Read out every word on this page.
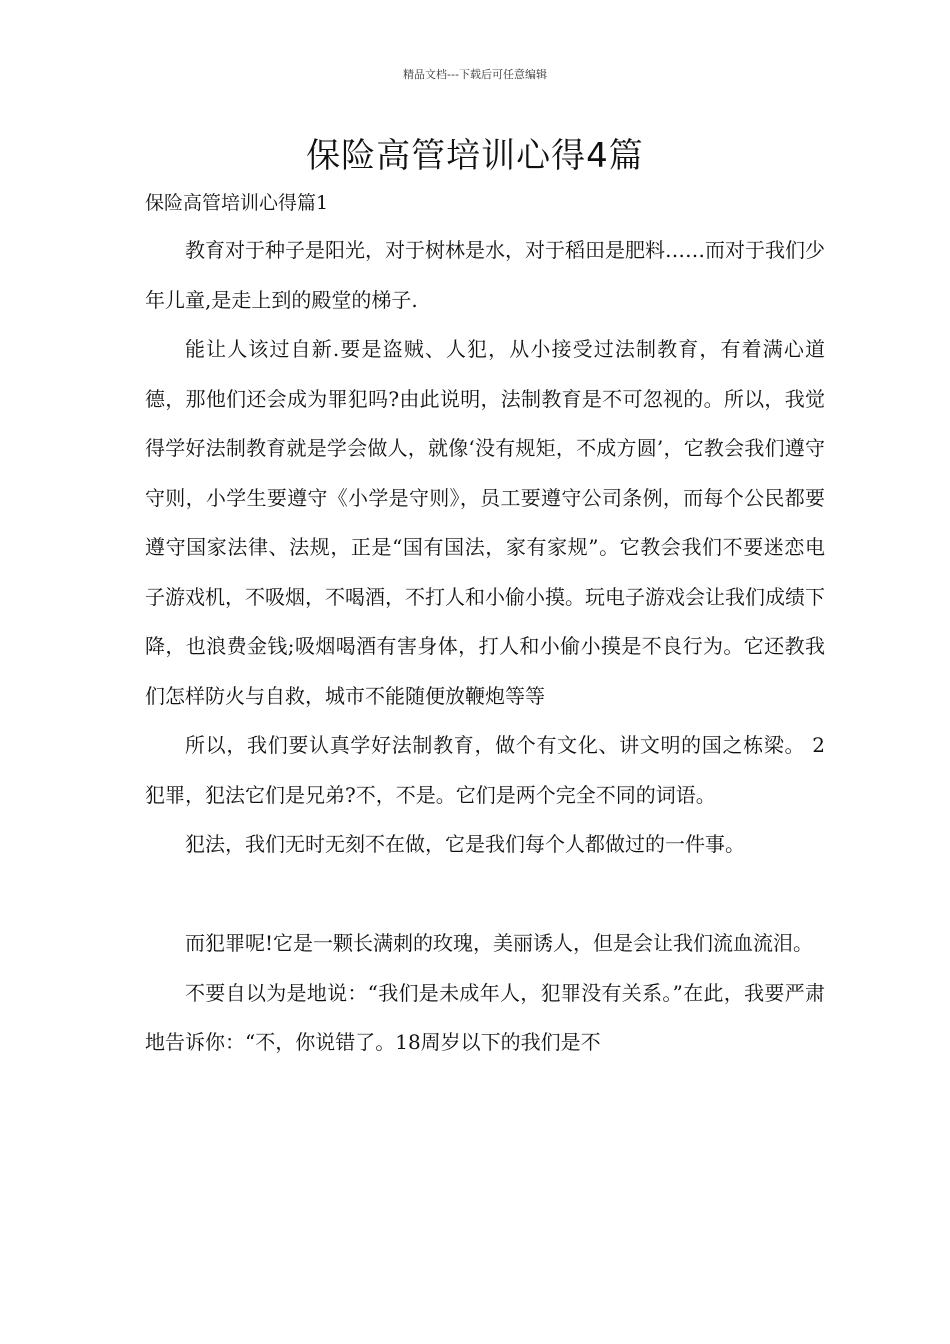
精品文档---下载后可任意编辑
保险高管培训心得4篇
保险高管培训心得篇1

教育对于种子是阳光，对于树林是水，对于稻田是肥料……而对于我们少年儿童,是走上到的殿堂的梯子.

能让人该过自新.要是盗贼、人犯，从小接受过法制教育，有着满心道德，那他们还会成为罪犯吗?由此说明，法制教育是不可忽视的。所以，我觉得学好法制教育就是学会做人，就像‘没有规矩，不成方圆’，它教会我们遵守守则，小学生要遵守《小学是守则》，员工要遵守公司条例，而每个公民都要遵守国家法律、法规，正是“国有国法，家有家规”。它教会我们不要迷恋电子游戏机，不吸烟，不喝酒，不打人和小偷小摸。玩电子游戏会让我们成绩下降，也浪费金钱;吸烟喝酒有害身体，打人和小偷小摸是不良行为。它还教我们怎样防火与自救，城市不能随便放鞭炮等等

所以，我们要认真学好法制教育，做个有文化、讲文明的国之栋梁。 2 犯罪，犯法它们是兄弟?不，不是。它们是两个完全不同的词语。

犯法，我们无时无刻不在做，它是我们每个人都做过的一件事。

而犯罪呢!它是一颗长满刺的玫瑰，美丽诱人，但是会让我们流血流泪。

不要自以为是地说：“我们是未成年人，犯罪没有关系。”在此，我要严肃地告诉你：“不，你说错了。18周岁以下的我们是不
